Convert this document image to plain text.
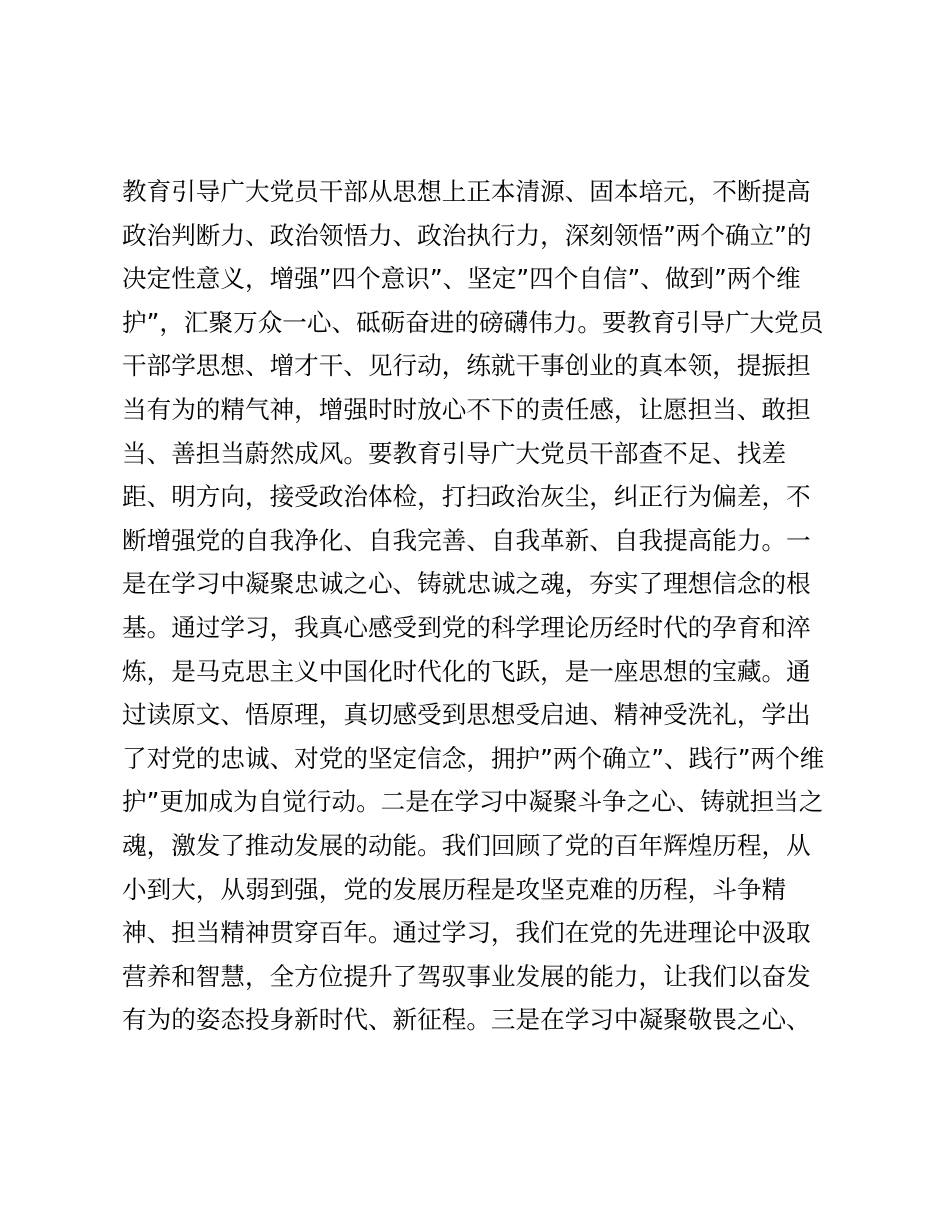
教育引导广大党员干部从思想上正本清源、固本培元，不断提高
政治判断力、政治领悟力、政治执行力，深刻领悟”两个确立”的
决定性意义，增强”四个意识”、坚定”四个自信”、做到”两个维
护”，汇聚万众一心、砥砺奋进的磅礴伟力。要教育引导广大党员
干部学思想、增才干、见行动，练就干事创业的真本领，提振担
当有为的精气神，增强时时放心不下的责任感，让愿担当、敢担
当、善担当蔚然成风。要教育引导广大党员干部查不足、找差
距、明方向，接受政治体检，打扫政治灰尘，纠正行为偏差，不
断增强党的自我净化、自我完善、自我革新、自我提高能力。一
是在学习中凝聚忠诚之心、铸就忠诚之魂，夯实了理想信念的根
基。通过学习，我真心感受到党的科学理论历经时代的孕育和淬
炼，是马克思主义中国化时代化的飞跃，是一座思想的宝藏。通
过读原文、悟原理，真切感受到思想受启迪、精神受洗礼，学出
了对党的忠诚、对党的坚定信念，拥护”两个确立”、践行”两个维
护”更加成为自觉行动。二是在学习中凝聚斗争之心、铸就担当之
魂，激发了推动发展的动能。我们回顾了党的百年辉煌历程，从
小到大，从弱到强，党的发展历程是攻坚克难的历程，斗争精
神、担当精神贯穿百年。通过学习，我们在党的先进理论中汲取
营养和智慧，全方位提升了驾驭事业发展的能力，让我们以奋发
有为的姿态投身新时代、新征程。三是在学习中凝聚敬畏之心、
